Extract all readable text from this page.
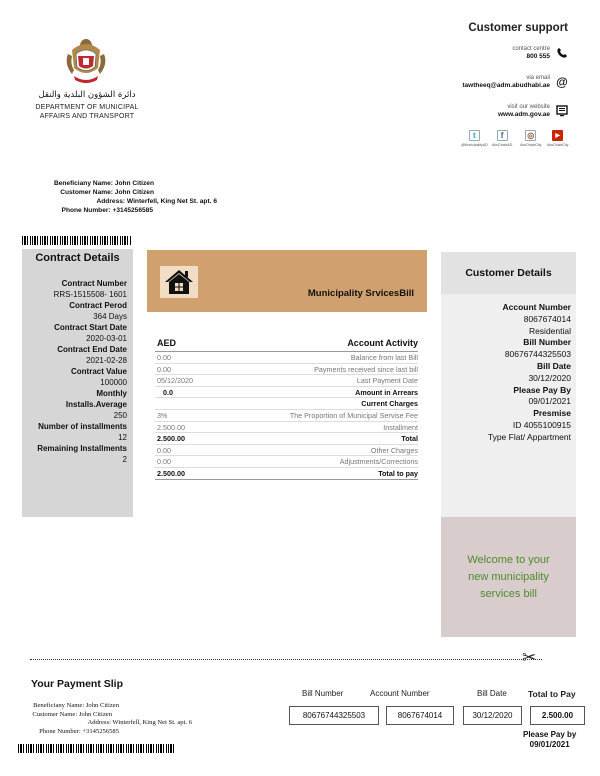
دائرة الشؤون البلدية والنقل
DEPARTMENT OF MUNICIPAL
AFFAIRS AND TRANSPORT
Customer support
contact centre
800 555
via email
tawtheeq@adm.abudhabi.ae @
visit our website
www.adm.gov.ae
t
@MunicipalityAD
f
AbuDhabiAD
◎
AbuDhabiCity
▶
AbuDhabiCity
Beneficiany Name: John Citizen
Customer Name: John Citizen
Address: Winterfell, King Net St. apt. 6
Phone Number: +3145256585
Contract Details
Contract Number
RRS-1515508- 1601
Contract Perod
364 Days
Contract Start Date
2020-03-01
Contract End Date
2021-02-28
Contract Value
100000
Monthly
Installs.Average
250
Number of installments
12
Remaining Installments
2
Municipality SrvicesBill
AED	Account Activity
0.00	Balance from last Bill
0.00	Payments received since last bill
05/12/2020	Last Payment Date
0.0	Amount in Arrears
Current Charges
3%	The Proportion of Municipal Servise Fee
2.500.00	Installment
2.500.00	Total
0.00	Other Charges
0.00	Adjustments/Corrections
2.500.00	Total to pay
Customer Details
Account Number
8067674014
Residential
Bill Number
80676744325503
Bill Date
30/12/2020
Please Pay By
09/01/2021
Presmise
ID 4055100915
Type Flat/ Appartment
Welcome to your
new municipality
services bill
✂
Your Payment Slip
Beneficiany Name: John Citizen
Customer Name: John Citizen
Address: Winterfell, King Net St. apt. 6
Phone Number: +3145256585
Bill Number	Account Number	Bill Date Total to Pay
80676744325503	8067674014	30/12/2020	2.500.00
Please Pay by
09/01/2021
